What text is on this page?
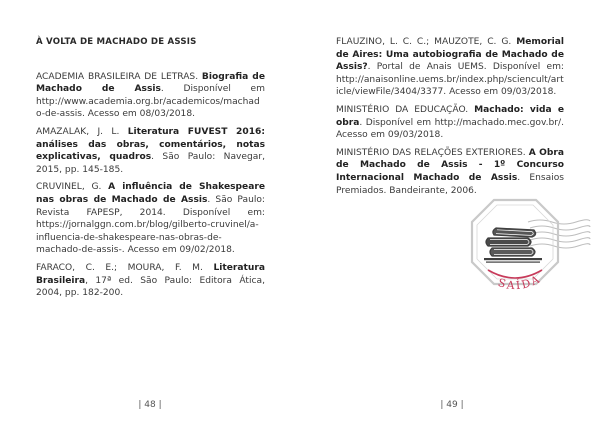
À VOLTA DE MACHADO DE ASSIS

ACADEMIA BRASILEIRA DE LETRAS. Biografia de Machado de Assis. Disponível em http://www.academia.org.br/academicos/machado-de-assis. Acesso em 08/03/2018.

AMAZALAK, J. L. Literatura FUVEST 2016: análises das obras, comentários, notas explicativas, quadros. São Paulo: Navegar, 2015, pp. 145-185.

CRUVINEL, G. A influência de Shakespeare nas obras de Machado de Assis. São Paulo: Revista FAPESP, 2014. Disponível em: https://jornalggn.com.br/blog/gilberto-cruvinel/a-influencia-de-shakespeare-nas-obras-de-machado-de-assis-. Acesso em 09/02/2018.

FARACO, C. E.; MOURA, F. M. Literatura Brasileira, 17ª ed. São Paulo: Editora Ática, 2004, pp. 182-200.

| 48 |

FLAUZINO, L. C. C.; MAUZOTE, C. G. Memorial de Aires: Uma autobiografia de Machado de Assis?. Portal de Anais UEMS. Disponível em: http://anaisonline.uems.br/index.php/sciencult/article/viewFile/3404/3377. Acesso em 09/03/2018.

MINISTÉRIO DA EDUCAÇÃO. Machado: vida e obra. Disponível em http://machado.mec.gov.br/. Acesso em 09/03/2018.

MINISTÉRIO DAS RELAÇÕES EXTERIORES. A Obra de Machado de Assis - 1º Concurso Internacional Machado de Assis. Ensaios Premiados. Bandeirante, 2006.

SAÍDA
| 49 |
